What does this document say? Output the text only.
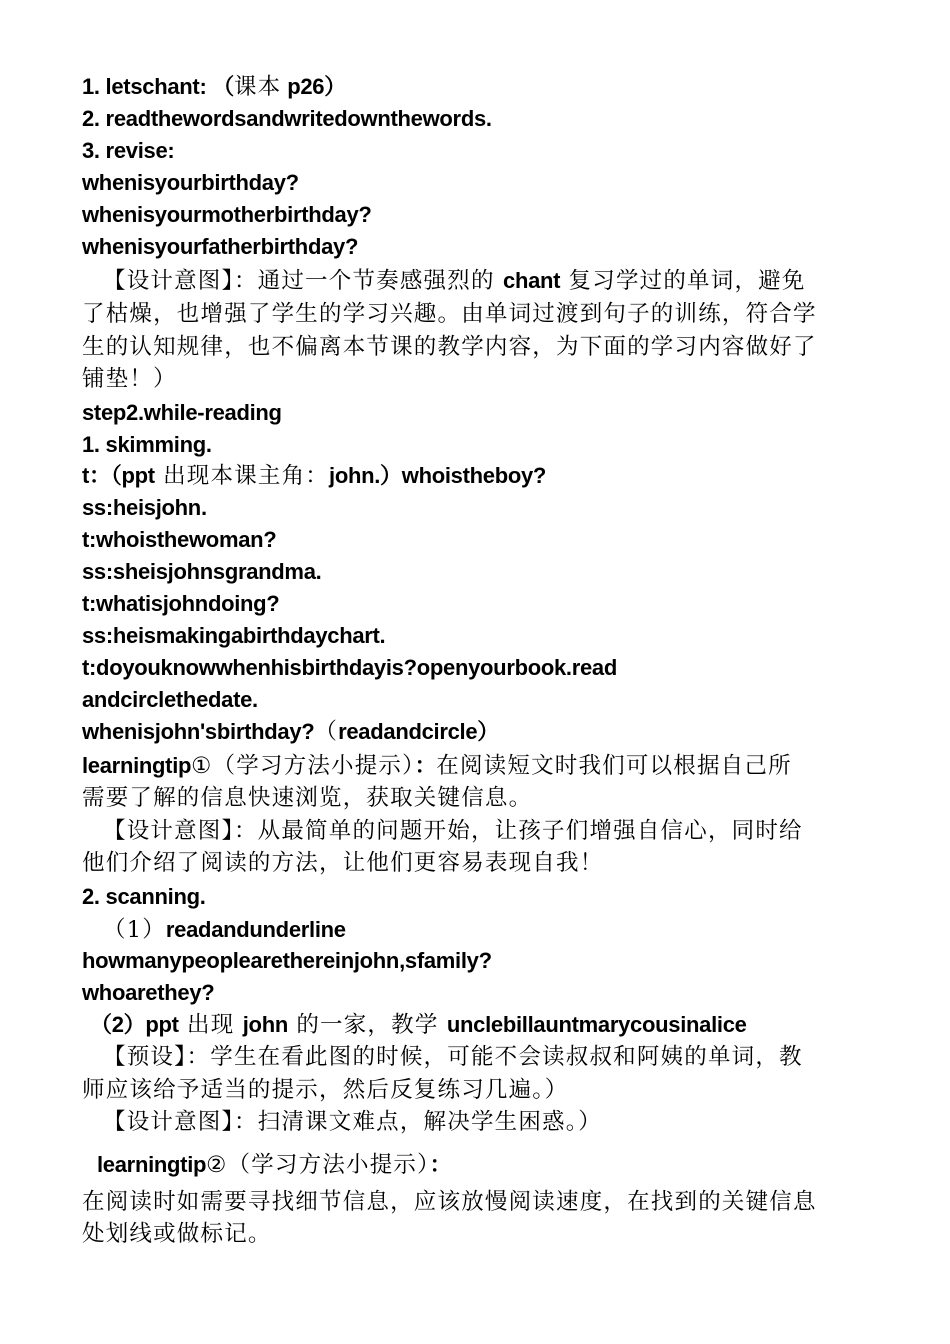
1. letschant: （课本 p26）
2. readthewordsandwritedownthewords.
3. revise:
whenisyourbirthday?
whenisyourmotherbirthday?
whenisyourfatherbirthday?
【设计意图】：通过一个节奏感强烈的 chant 复习学过的单词，避免
了枯燥，也增强了学生的学习兴趣。由单词过渡到句子的训练，符合学
生的认知规律，也不偏离本节课的教学内容，为下面的学习内容做好了
铺垫！）
step2.while-reading
1. skimming.
t：（ppt 出现本课主角：john.）whoistheboy?
ss:heisjohn.
t:whoisthewoman?
ss:sheisjohnsgrandma.
t:whatisjohndoing?
ss:heismakingabirthdaychart.
t:doyouknowwhenhisbirthdayis?openyourbook.read
andcirclethedate.
whenisjohn'sbirthday?（readandcircle）
learningtip①（学习方法小提示）：在阅读短文时我们可以根据自己所
需要了解的信息快速浏览，获取关键信息。
【设计意图】：从最简单的问题开始，让孩子们增强自信心，同时给
他们介绍了阅读的方法，让他们更容易表现自我！
2. scanning.
（1）readandunderline
howmanypeoplearethereinjohn,sfamily?
whoarethey?
（2）ppt 出现 john 的一家，教学 unclebillauntmarycousinalice
【预设】：学生在看此图的时候，可能不会读叔叔和阿姨的单词，教
师应该给予适当的提示，然后反复练习几遍。）
【设计意图】：扫清课文难点，解决学生困惑。）
learningtip②（学习方法小提示）：
在阅读时如需要寻找细节信息，应该放慢阅读速度，在找到的关键信息
处划线或做标记。
